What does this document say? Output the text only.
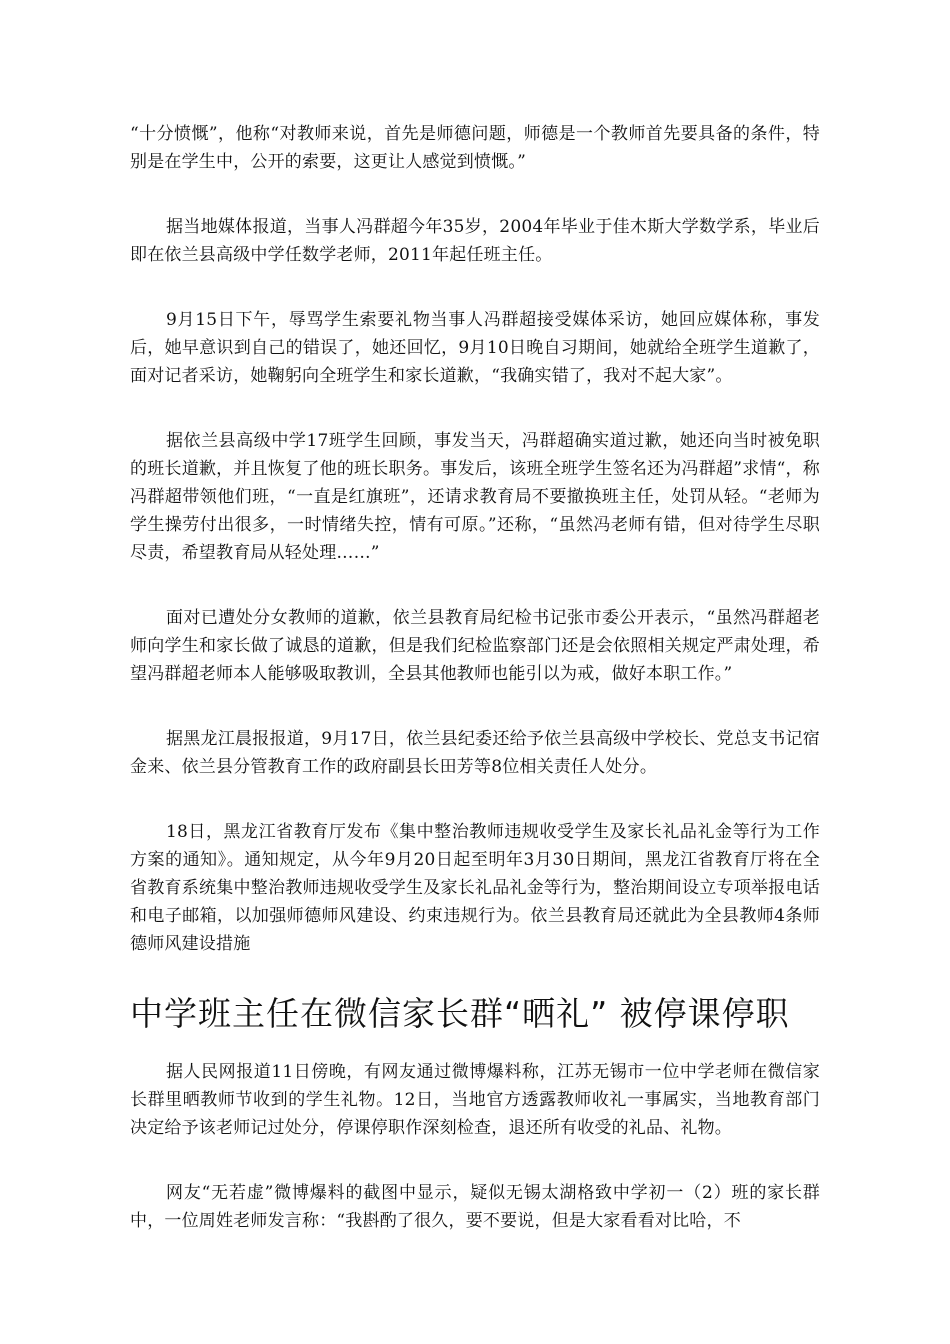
“十分愤慨”，他称“对教师来说，首先是师德问题，师德是一个教师首先要具备的条件，特别是在学生中，公开的索要，这更让人感觉到愤慨。”

据当地媒体报道，当事人冯群超今年35岁，2004年毕业于佳木斯大学数学系，毕业后即在依兰县高级中学任数学老师，2011年起任班主任。

9月15日下午，辱骂学生索要礼物当事人冯群超接受媒体采访，她回应媒体称，事发后，她早意识到自己的错误了，她还回忆，9月10日晚自习期间，她就给全班学生道歉了，面对记者采访，她鞠躬向全班学生和家长道歉，“我确实错了，我对不起大家”。

据依兰县高级中学17班学生回顾，事发当天，冯群超确实道过歉，她还向当时被免职的班长道歉，并且恢复了他的班长职务。事发后，该班全班学生签名还为冯群超”求情“，称冯群超带领他们班，“一直是红旗班”，还请求教育局不要撤换班主任，处罚从轻。“老师为学生操劳付出很多，一时情绪失控，情有可原。”还称，“虽然冯老师有错，但对待学生尽职尽责，希望教育局从轻处理……”

面对已遭处分女教师的道歉，依兰县教育局纪检书记张市委公开表示，“虽然冯群超老师向学生和家长做了诚恳的道歉，但是我们纪检监察部门还是会依照相关规定严肃处理，希望冯群超老师本人能够吸取教训，全县其他教师也能引以为戒，做好本职工作。”

据黑龙江晨报报道，9月17日，依兰县纪委还给予依兰县高级中学校长、党总支书记宿金来、依兰县分管教育工作的政府副县长田芳等8位相关责任人处分。

18日，黑龙江省教育厅发布《集中整治教师违规收受学生及家长礼品礼金等行为工作方案的通知》。通知规定，从今年9月20日起至明年3月30日期间，黑龙江省教育厅将在全省教育系统集中整治教师违规收受学生及家长礼品礼金等行为，整治期间设立专项举报电话和电子邮箱，以加强师德师风建设、约束违规行为。依兰县教育局还就此为全县教师4条师德师风建设措施

中学班主任在微信家长群“晒礼” 被停课停职

据人民网报道11日傍晚，有网友通过微博爆料称，江苏无锡市一位中学老师在微信家长群里晒教师节收到的学生礼物。12日，当地官方透露教师收礼一事属实，当地教育部门决定给予该老师记过处分，停课停职作深刻检查，退还所有收受的礼品、礼物。

网友“无若虚”微博爆料的截图中显示，疑似无锡太湖格致中学初一（2）班的家长群中，一位周姓老师发言称：“我斟酌了很久，要不要说，但是大家看看对比哈，不
